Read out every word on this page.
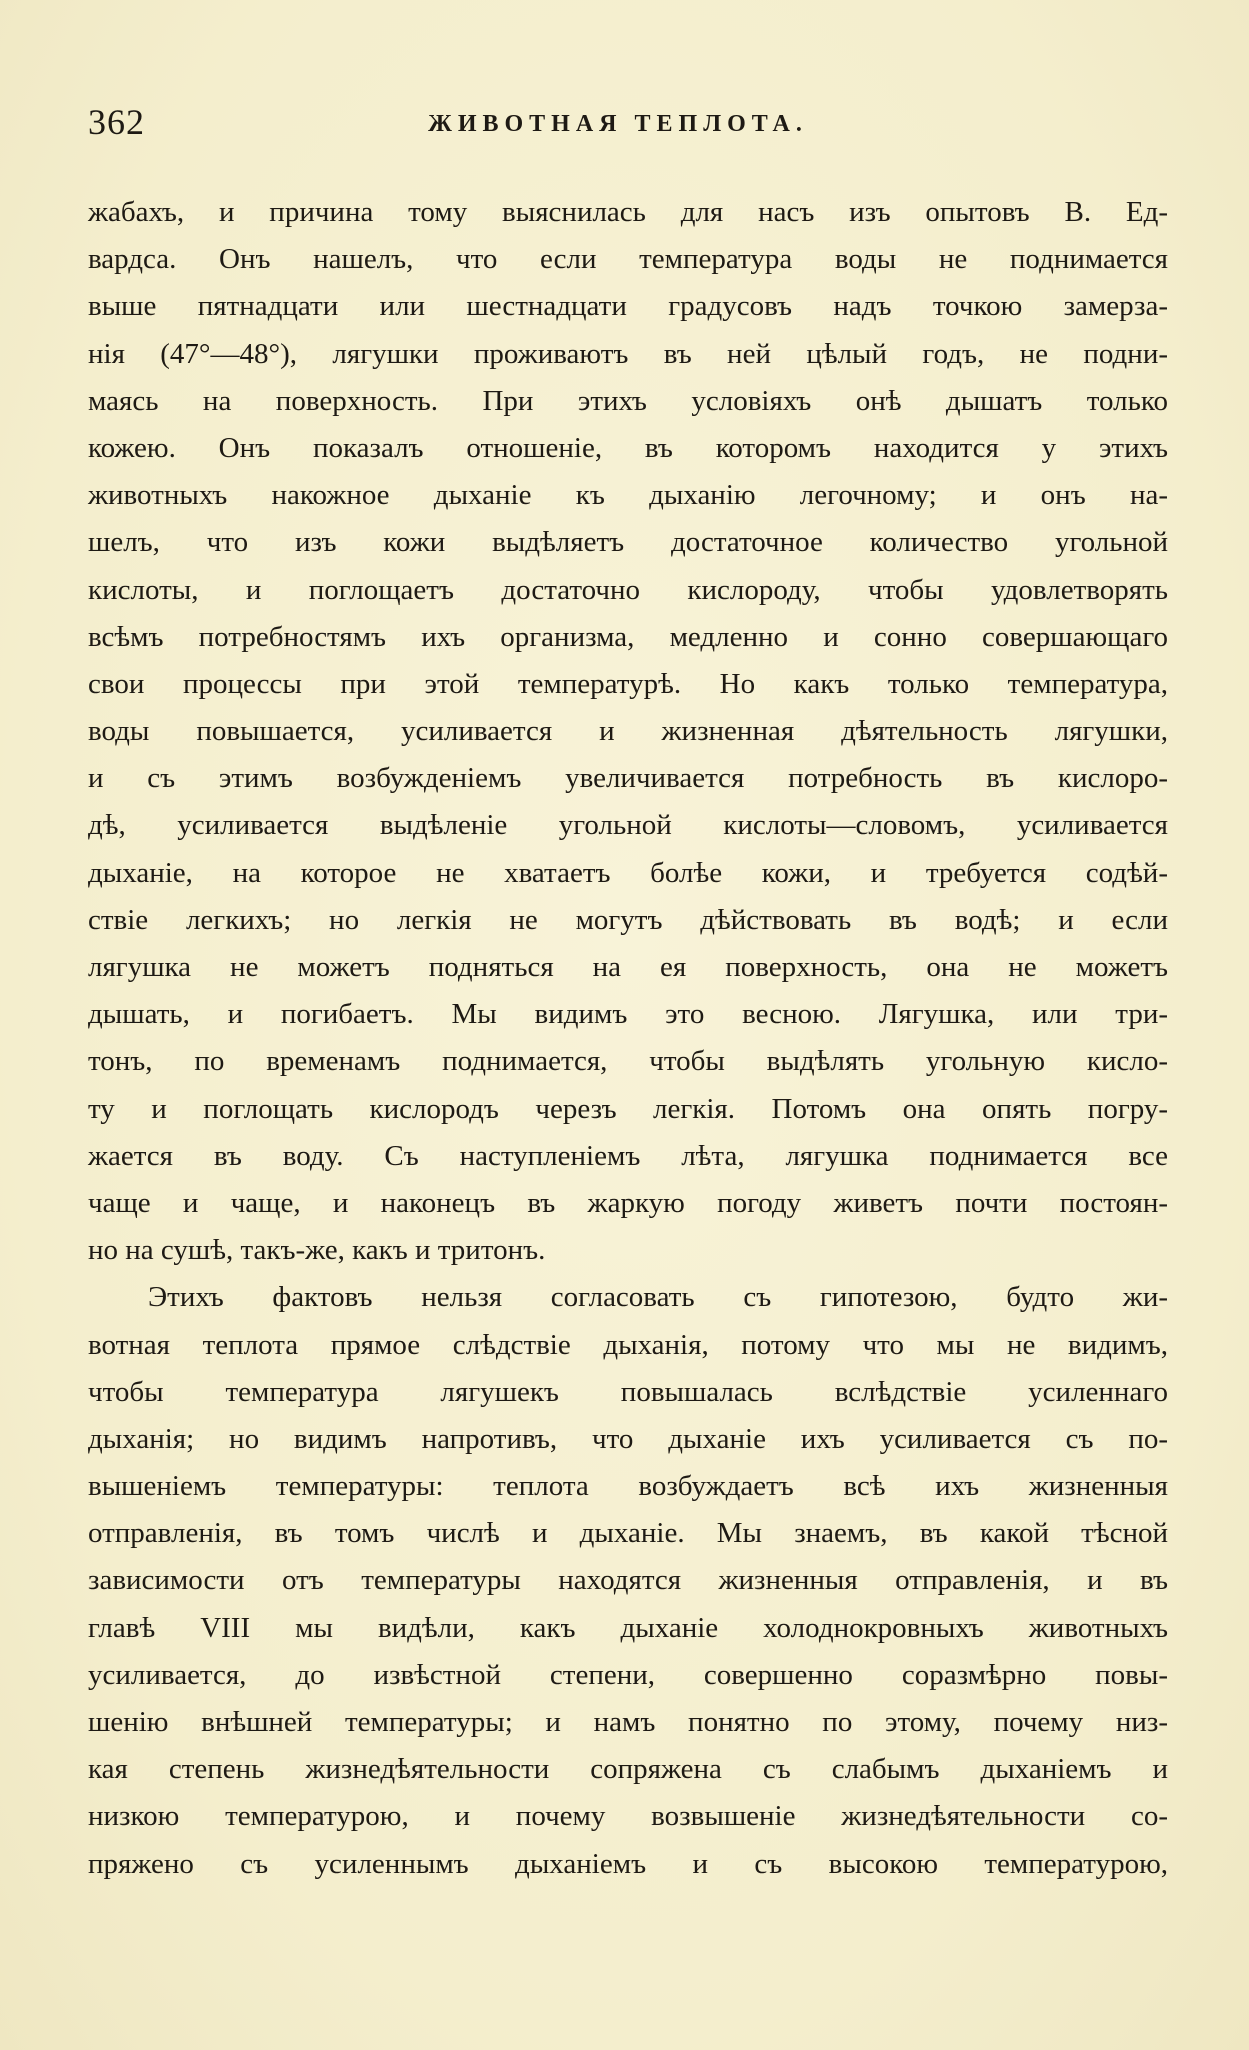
362	ЖИВОТНАЯ ТЕПЛОТА.
жабахъ, и причина тому выяснилась для насъ изъ опытовъ В. Ед-
вардса. Онъ нашелъ, что если температура воды не поднимается
выше пятнадцати или шестнадцати градусовъ надъ точкою замерза-
нія (47°—48°), лягушки проживаютъ въ ней цѣлый годъ, не подни-
маясь на поверхность. При этихъ условіяхъ онѣ дышатъ только
кожею. Онъ показалъ отношеніе, въ которомъ находится у этихъ
животныхъ накожное дыханіе къ дыханію легочному; и онъ на-
шелъ, что изъ кожи выдѣляетъ достаточное количество угольной
кислоты, и поглощаетъ достаточно кислороду, чтобы удовлетворять
всѣмъ потребностямъ ихъ организма, медленно и сонно совершающаго
свои процессы при этой температурѣ. Но какъ только температура,
воды повышается, усиливается и жизненная дѣятельность лягушки,
и съ этимъ возбужденіемъ увеличивается потребность въ кислоро-
дѣ, усиливается выдѣленіе угольной кислоты—словомъ, усиливается
дыханіе, на которое не хватаетъ болѣе кожи, и требуется содѣй-
ствіе легкихъ; но легкія не могутъ дѣйствовать въ водѣ; и если
лягушка не можетъ подняться на ея поверхность, она не можетъ
дышать, и погибаетъ. Мы видимъ это весною. Лягушка, или три-
тонъ, по временамъ поднимается, чтобы выдѣлять угольную кисло-
ту и поглощать кислородъ черезъ легкія. Потомъ она опять погру-
жается въ воду. Съ наступленіемъ лѣта, лягушка поднимается все
чаще и чаще, и наконецъ въ жаркую погоду живетъ почти постоян-
но на сушѣ, такъ-же, какъ и тритонъ.
Этихъ фактовъ нельзя согласовать съ гипотезою, будто жи-
вотная теплота прямое слѣдствіе дыханія, потому что мы не видимъ,
чтобы температура лягушекъ повышалась вслѣдствіе усиленнаго
дыханія; но видимъ напротивъ, что дыханіе ихъ усиливается съ по-
вышеніемъ температуры: теплота возбуждаетъ всѣ ихъ жизненныя
отправленія, въ томъ числѣ и дыханіе. Мы знаемъ, въ какой тѣсной
зависимости отъ температуры находятся жизненныя отправленія, и въ
главѣ VIII мы видѣли, какъ дыханіе холоднокровныхъ животныхъ
усиливается, до извѣстной степени, совершенно соразмѣрно повы-
шенію внѣшней температуры; и намъ понятно по этому, почему низ-
кая степень жизнедѣятельности сопряжена съ слабымъ дыханіемъ и
низкою температурою, и почему возвышеніе жизнедѣятельности со-
пряжено съ усиленнымъ дыханіемъ и съ высокою температурою,
